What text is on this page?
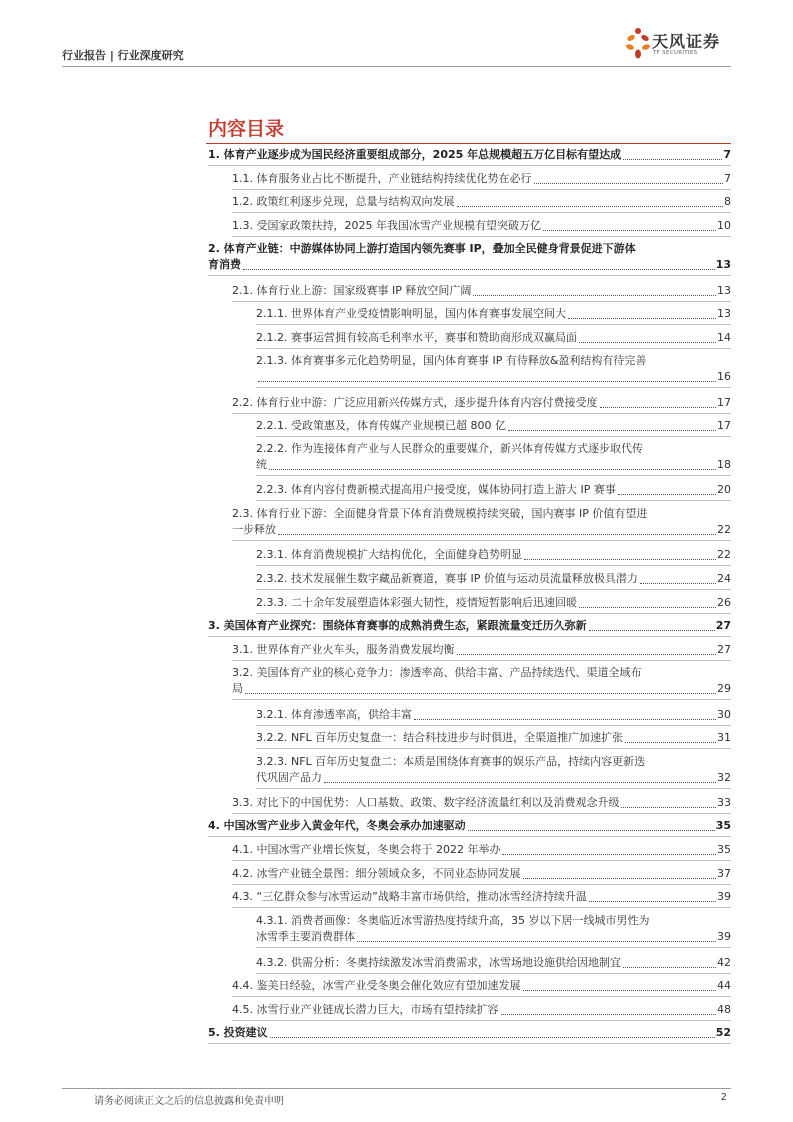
行业报告 | 行业深度研究
天风证券
TF SECURITIES
内容目录
1. 体育产业逐步成为国民经济重要组成部分，2025 年总规模超五万亿目标有望达成	7
1.1. 体育服务业占比不断提升，产业链结构持续优化势在必行	7
1.2. 政策红利逐步兑现，总量与结构双向发展	8
1.3. 受国家政策扶持，2025 年我国冰雪产业规模有望突破万亿	10
2. 体育产业链：中游媒体协同上游打造国内领先赛事 IP，叠加全民健身背景促进下游体
育消费	13
2.1. 体育行业上游：国家级赛事 IP 释放空间广阔	13
2.1.1. 世界体育产业受疫情影响明显，国内体育赛事发展空间大	13
2.1.2. 赛事运营拥有较高毛利率水平，赛事和赞助商形成双赢局面	14
2.1.3. 体育赛事多元化趋势明显，国内体育赛事 IP 有待释放&盈利结构有待完善
16
2.2. 体育行业中游：广泛应用新兴传媒方式，逐步提升体育内容付费接受度	17
2.2.1. 受政策惠及，体育传媒产业规模已超 800 亿	17
2.2.2. 作为连接体育产业与人民群众的重要媒介，新兴体育传媒方式逐步取代传
统	18
2.2.3. 体育内容付费新模式提高用户接受度，媒体协同打造上游大 IP 赛事	20
2.3. 体育行业下游：全面健身背景下体育消费规模持续突破，国内赛事 IP 价值有望进
一步释放	22
2.3.1. 体育消费规模扩大结构优化，全面健身趋势明显	22
2.3.2. 技术发展催生数字藏品新赛道，赛事 IP 价值与运动员流量释放极具潜力	24
2.3.3. 二十余年发展塑造体彩强大韧性，疫情短暂影响后迅速回暖	26
3. 美国体育产业探究：围绕体育赛事的成熟消费生态，紧跟流量变迁历久弥新	27
3.1. 世界体育产业火车头，服务消费发展均衡	27
3.2. 美国体育产业的核心竞争力：渗透率高、供给丰富、产品持续迭代、渠道全域布
局	29
3.2.1. 体育渗透率高，供给丰富	30
3.2.2. NFL 百年历史复盘一：结合科技进步与时俱进，全渠道推广加速扩张	31
3.2.3. NFL 百年历史复盘二：本质是围绕体育赛事的娱乐产品，持续内容更新迭
代巩固产品力	32
3.3. 对比下的中国优势：人口基数、政策、数字经济流量红利以及消费观念升级	33
4. 中国冰雪产业步入黄金年代，冬奥会承办加速驱动	35
4.1. 中国冰雪产业增长恢复，冬奥会将于 2022 年举办	35
4.2. 冰雪产业链全景图：细分领域众多，不同业态协同发展	37
4.3. “三亿群众参与冰雪运动”战略丰富市场供给，推动冰雪经济持续升温	39
4.3.1. 消费者画像：冬奥临近冰雪游热度持续升高，35 岁以下居一线城市男性为
冰雪季主要消费群体	39
4.3.2. 供需分析：冬奥持续激发冰雪消费需求，冰雪场地设施供给因地制宜	42
4.4. 鉴美日经验，冰雪产业受冬奥会催化效应有望加速发展	44
4.5. 冰雪行业产业链成长潜力巨大，市场有望持续扩容	48
5. 投资建议	52
请务必阅读正文之后的信息披露和免责申明	2
